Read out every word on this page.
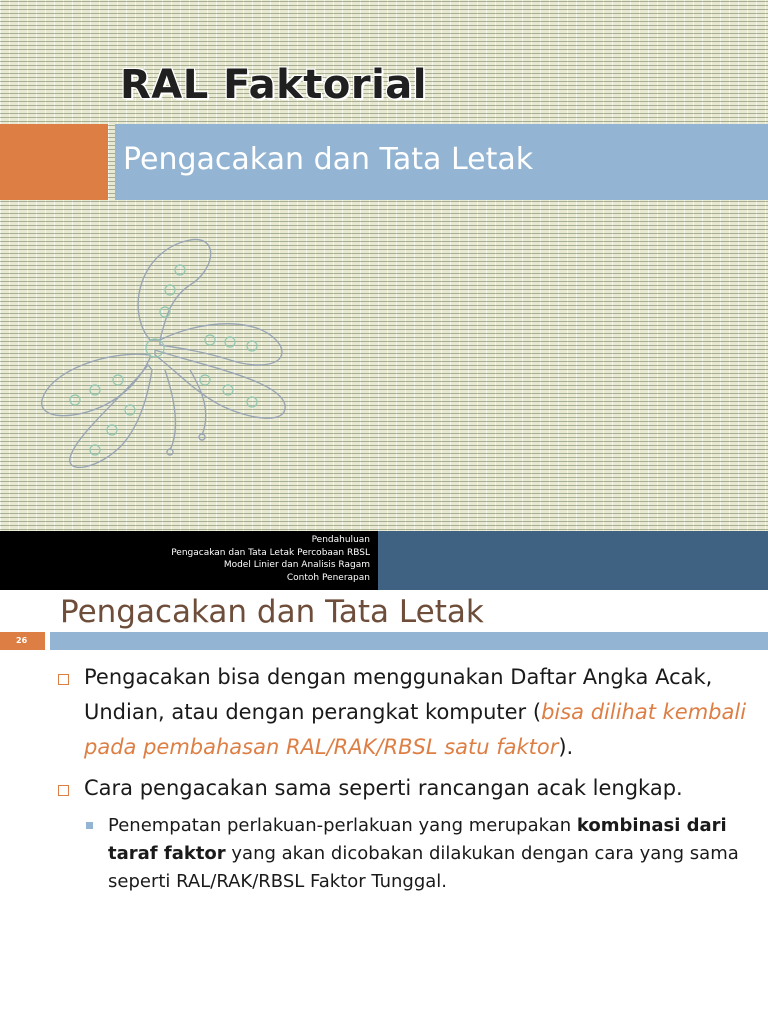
RAL Faktorial
Pengacakan dan Tata Letak
Pendahuluan
Pengacakan dan Tata Letak Percobaan RBSL
Model Linier dan Analisis Ragam
Contoh Penerapan
Pengacakan dan Tata Letak
26
Pengacakan bisa dengan menggunakan Daftar Angka Acak, Undian, atau dengan perangkat komputer (bisa dilihat kembali pada pembahasan RAL/RAK/RBSL satu faktor).
Cara pengacakan sama seperti rancangan acak lengkap.
Penempatan perlakuan-perlakuan yang merupakan kombinasi dari taraf faktor yang akan dicobakan dilakukan dengan cara yang sama seperti RAL/RAK/RBSL Faktor Tunggal.
